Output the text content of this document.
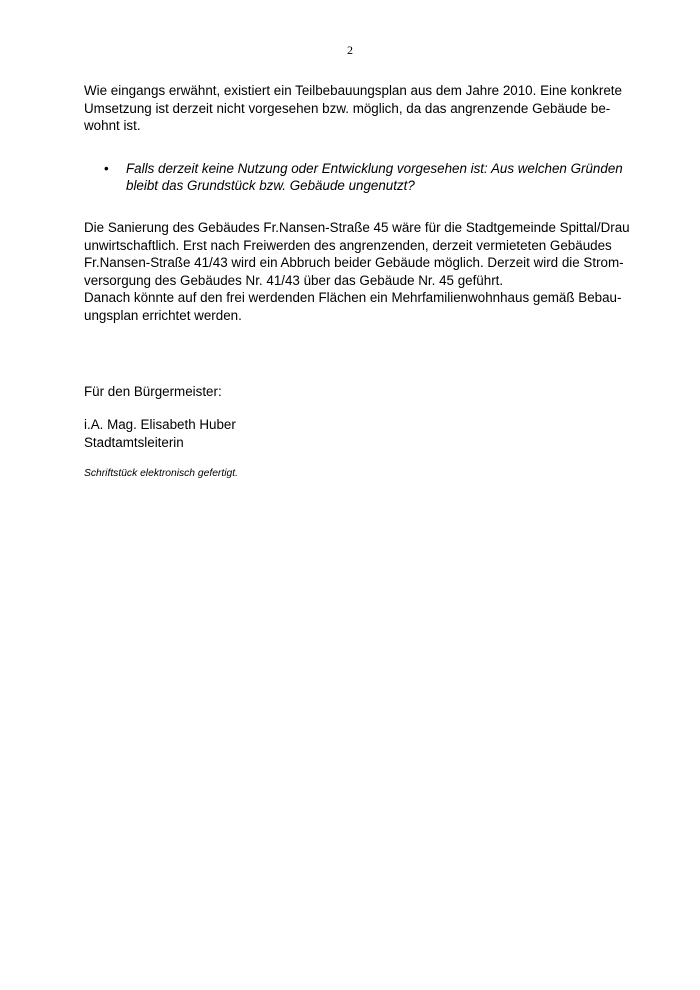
2
Wie eingangs erwähnt, existiert ein Teilbebauungsplan aus dem Jahre 2010. Eine konkrete
Umsetzung ist derzeit nicht vorgesehen bzw. möglich, da das angrenzende Gebäude be-
wohnt ist.
• Falls derzeit keine Nutzung oder Entwicklung vorgesehen ist: Aus welchen Gründen
bleibt das Grundstück bzw. Gebäude ungenutzt?
Die Sanierung des Gebäudes Fr.Nansen-Straße 45 wäre für die Stadtgemeinde Spittal/Drau
unwirtschaftlich. Erst nach Freiwerden des angrenzenden, derzeit vermieteten Gebäudes
Fr.Nansen-Straße 41/43 wird ein Abbruch beider Gebäude möglich. Derzeit wird die Strom-
versorgung des Gebäudes Nr. 41/43 über das Gebäude Nr. 45 geführt.
Danach könnte auf den frei werdenden Flächen ein Mehrfamilienwohnhaus gemäß Bebau-
ungsplan errichtet werden.
Für den Bürgermeister:
i.A. Mag. Elisabeth Huber
Stadtamtsleiterin
Schriftstück elektronisch gefertigt.
